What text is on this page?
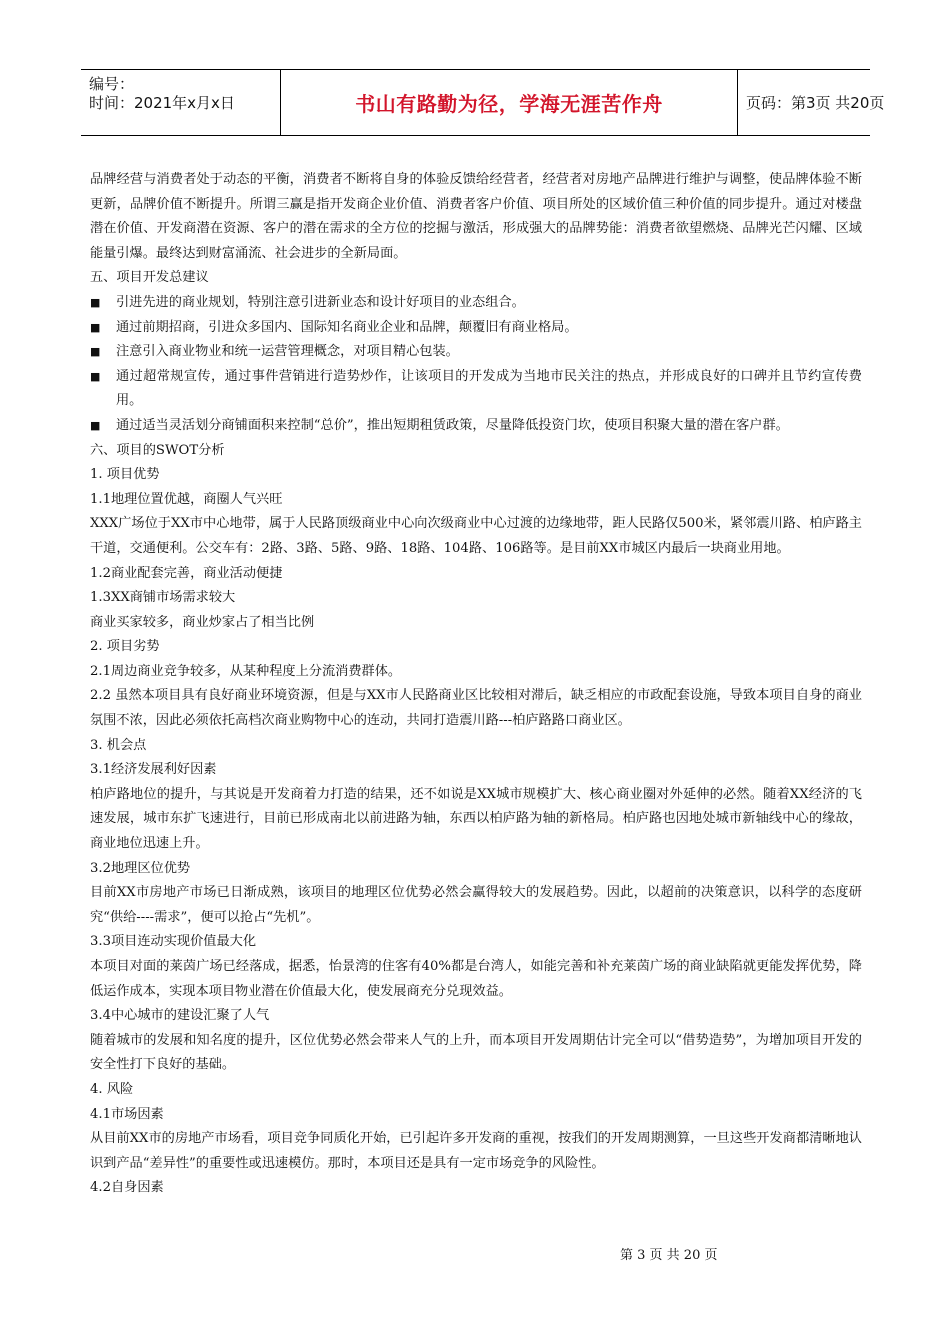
编号：
时间：2021年x月x日	书山有路勤为径，学海无涯苦作舟	页码：第3页 共20页

品牌经营与消费者处于动态的平衡，消费者不断将自身的体验反馈给经营者，经营者对房地产品牌进行维护与调整，使品牌体验不断更新，品牌价值不断提升。所谓三赢是指开发商企业价值、消费者客户价值、项目所处的区域价值三种价值的同步提升。通过对楼盘潜在价值、开发商潜在资源、客户的潜在需求的全方位的挖掘与激活，形成强大的品牌势能：消费者欲望燃烧、品牌光芒闪耀、区域能量引爆。最终达到财富涌流、社会进步的全新局面。

五、项目开发总建议

■	引进先进的商业规划，特别注意引进新业态和设计好项目的业态组合。
■	通过前期招商，引进众多国内、国际知名商业企业和品牌，颠覆旧有商业格局。
■	注意引入商业物业和统一运营管理概念，对项目精心包装。
■	通过超常规宣传，通过事件营销进行造势炒作，让该项目的开发成为当地市民关注的热点，并形成良好的口碑并且节约宣传费用。
■	通过适当灵活划分商铺面积来控制“总价”，推出短期租赁政策，尽量降低投资门坎，使项目积聚大量的潜在客户群。

六、项目的SWOT分析

1. 项目优势

1.1地理位置优越，商圈人气兴旺

XXX广场位于XX市中心地带，属于人民路顶级商业中心向次级商业中心过渡的边缘地带，距人民路仅500米，紧邻震川路、柏庐路主干道，交通便利。公交车有：2路、3路、5路、9路、18路、104路、106路等。是目前XX市城区内最后一块商业用地。

1.2商业配套完善，商业活动便捷

1.3XX商铺市场需求较大

商业买家较多，商业炒家占了相当比例

2. 项目劣势

2.1周边商业竞争较多，从某种程度上分流消费群体。

2.2 虽然本项目具有良好商业环境资源，但是与XX市人民路商业区比较相对滞后，缺乏相应的市政配套设施，导致本项目自身的商业氛围不浓，因此必须依托高档次商业购物中心的连动，共同打造震川路---柏庐路路口商业区。

3. 机会点

3.1经济发展利好因素

柏庐路地位的提升，与其说是开发商着力打造的结果，还不如说是XX城市规模扩大、核心商业圈对外延伸的必然。随着XX经济的飞速发展，城市东扩飞速进行，目前已形成南北以前进路为轴，东西以柏庐路为轴的新格局。柏庐路也因地处城市新轴线中心的缘故，商业地位迅速上升。

3.2地理区位优势

目前XX市房地产市场已日渐成熟，该项目的地理区位优势必然会赢得较大的发展趋势。因此，以超前的决策意识，以科学的态度研究“供给----需求”，便可以抢占“先机”。

3.3项目连动实现价值最大化

本项目对面的莱茵广场已经落成，据悉，怡景湾的住客有40%都是台湾人，如能完善和补充莱茵广场的商业缺陷就更能发挥优势，降低运作成本，实现本项目物业潜在价值最大化，使发展商充分兑现效益。

3.4中心城市的建设汇聚了人气

随着城市的发展和知名度的提升，区位优势必然会带来人气的上升，而本项目开发周期估计完全可以“借势造势”，为增加项目开发的安全性打下良好的基础。

4. 风险

4.1市场因素

从目前XX市的房地产市场看，项目竞争同质化开始，已引起许多开发商的重视，按我们的开发周期测算，一旦这些开发商都清晰地认识到产品“差异性”的重要性或迅速模仿。那时，本项目还是具有一定市场竞争的风险性。

4.2自身因素

第 3 页 共 20 页
